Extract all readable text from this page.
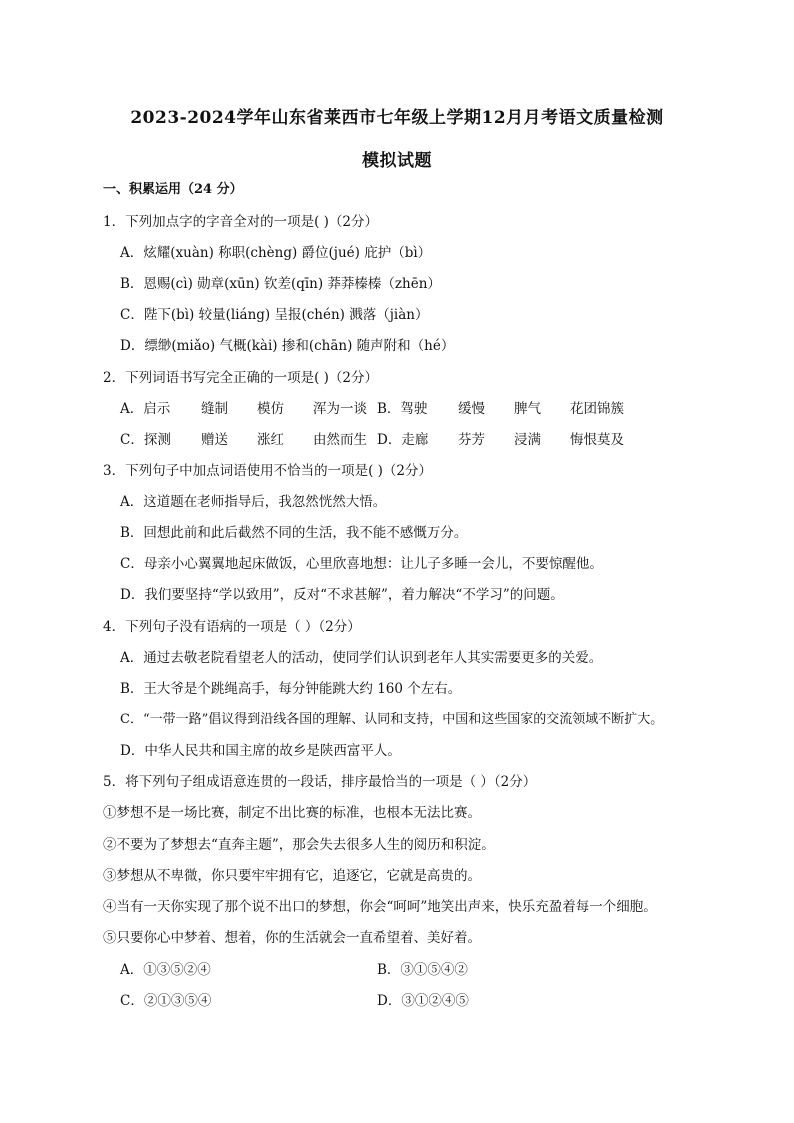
2023-2024学年山东省莱西市七年级上学期12月月考语文质量检测
模拟试题
一、积累运用（24 分）
1．下列加点字的字音全对的一项是( )（2分）
A．炫耀(xuàn) 称职(chèng) 爵位(jué) 庇护（bì）
B．恩赐(cì) 勋章(xūn) 钦差(qīn) 莽莽榛榛（zhēn）
C．陛下(bì) 较量(liáng) 呈报(chén) 溅落（jiàn）
D．缥缈(miǎo) 气概(kài) 掺和(chān) 随声附和（hé）
2．下列词语书写完全正确的一项是( )（2分）
A．启示 缝制 模仿 浑为一谈 B．驾驶 缓慢 脾气 花团锦簇
C．探测 赠送 涨红 由然而生 D．走廊 芬芳 浸满 悔恨莫及
3．下列句子中加点词语使用不恰当的一项是( )（2分）
A．这道题在老师指导后，我忽然恍然大悟。
B．回想此前和此后截然不同的生活，我不能不感慨万分。
C．母亲小心翼翼地起床做饭，心里欣喜地想：让儿子多睡一会儿，不要惊醒他。
D．我们要坚持“学以致用”，反对“不求甚解”，着力解决“不学习”的问题。
4．下列句子没有语病的一项是（ ）（2分）
A．通过去敬老院看望老人的活动，使同学们认识到老年人其实需要更多的关爱。
B．王大爷是个跳绳高手，每分钟能跳大约 160 个左右。
C．“一带一路”倡议得到沿线各国的理解、认同和支持，中国和这些国家的交流领域不断扩大。
D．中华人民共和国主席的故乡是陕西富平人。
5．将下列句子组成语意连贯的一段话，排序最恰当的一项是（ ）（2分）
①梦想不是一场比赛，制定不出比赛的标准，也根本无法比赛。
②不要为了梦想去“直奔主题”，那会失去很多人生的阅历和积淀。
③梦想从不卑微，你只要牢牢拥有它，追逐它，它就是高贵的。
④当有一天你实现了那个说不出口的梦想，你会“呵呵”地笑出声来，快乐充盈着每一个细胞。
⑤只要你心中梦着、想着，你的生活就会一直希望着、美好着。
A．①③⑤②④	B．③①⑤④②
C．②①③⑤④	D．③①②④⑤
